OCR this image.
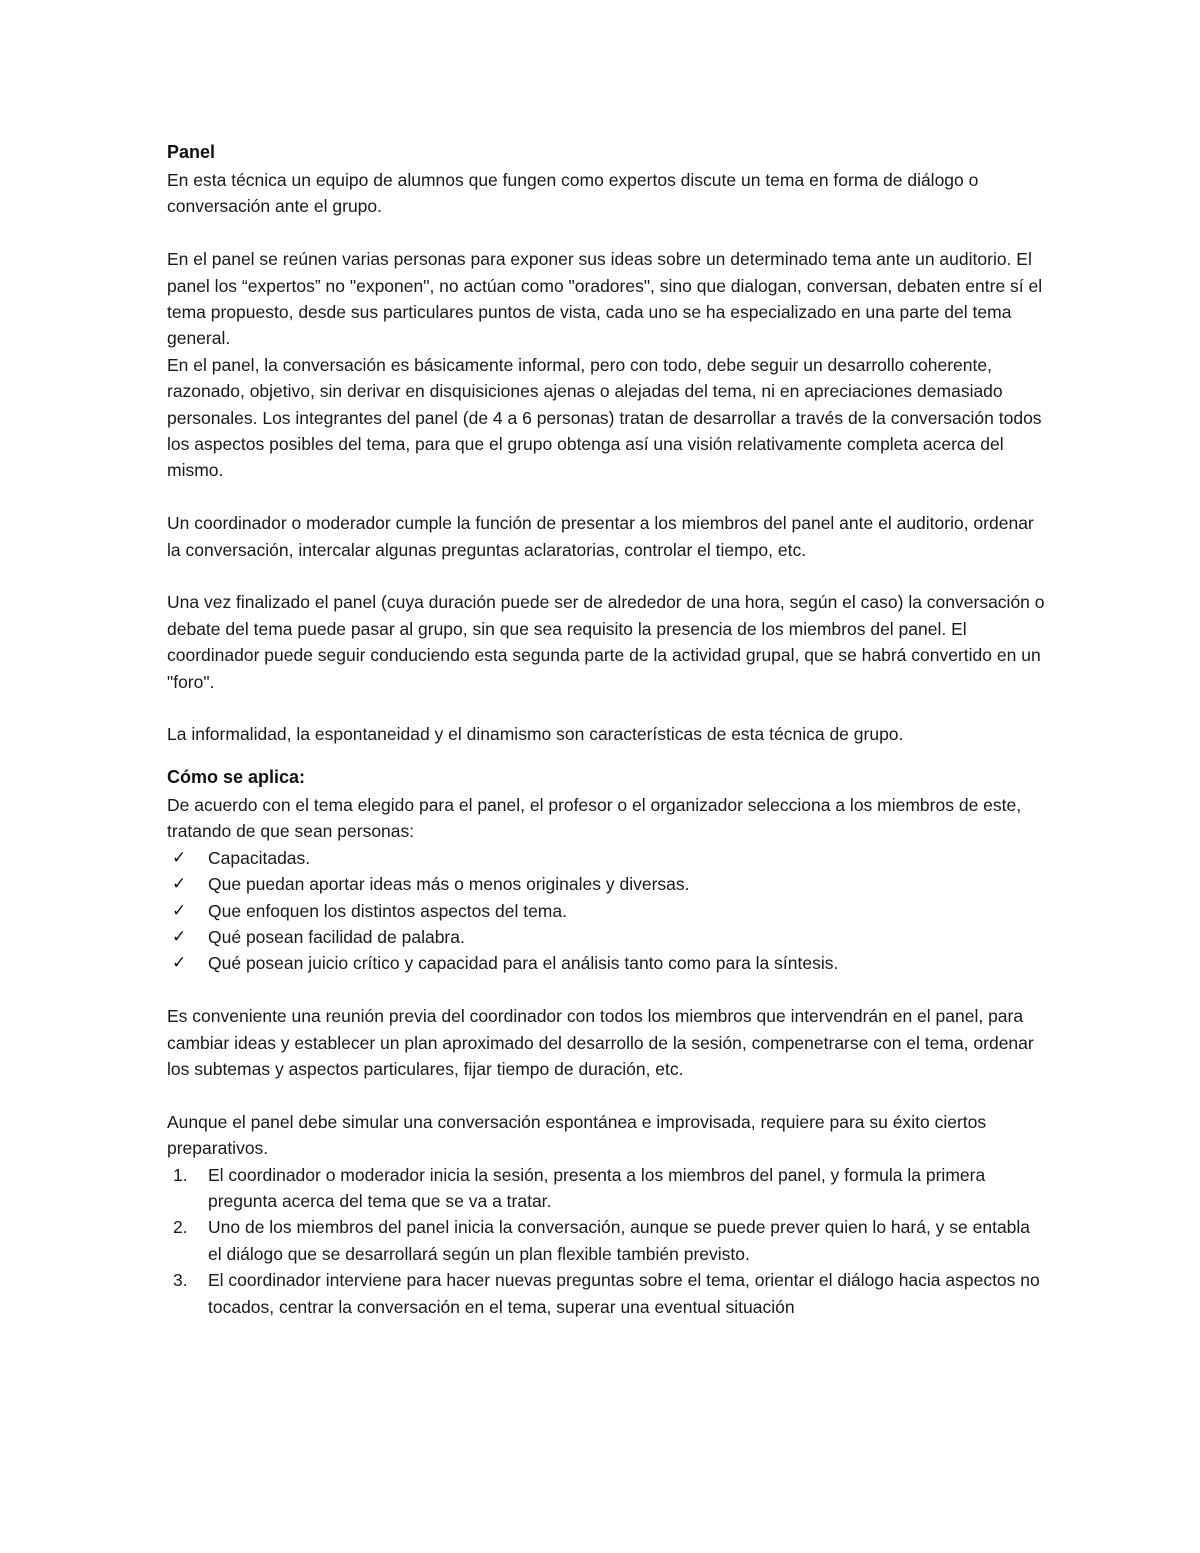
Panel

En esta técnica un equipo de alumnos que fungen como expertos discute un tema en forma de diálogo o conversación ante el grupo.

En el panel se reúnen varias personas para exponer sus ideas sobre un determinado tema ante un auditorio. El panel los “expertos” no "exponen", no actúan como "oradores", sino que dialogan, conversan, debaten entre sí el tema propuesto, desde sus particulares puntos de vista, cada uno se ha especializado en una parte del tema general.

En el panel, la conversación es básicamente informal, pero con todo, debe seguir un desarrollo coherente, razonado, objetivo, sin derivar en disquisiciones ajenas o alejadas del tema, ni en apreciaciones demasiado personales. Los integrantes del panel (de 4 a 6 personas) tratan de desarrollar a través de la conversación todos los aspectos posibles del tema, para que el grupo obtenga así una visión relativamente completa acerca del mismo.

Un coordinador o moderador cumple la función de presentar a los miembros del panel ante el auditorio, ordenar la conversación, intercalar algunas preguntas aclaratorias, controlar el tiempo, etc.

Una vez finalizado el panel (cuya duración puede ser de alrededor de una hora, según el caso) la conversación o debate del tema puede pasar al grupo, sin que sea requisito la presencia de los miembros del panel. El coordinador puede seguir conduciendo esta segunda parte de la actividad grupal, que se habrá convertido en un "foro".

La informalidad, la espontaneidad y el dinamismo son características de esta técnica de grupo.

Cómo se aplica:

De acuerdo con el tema elegido para el panel, el profesor o el organizador selecciona a los miembros de este, tratando de que sean personas:

✓ Capacitadas.
✓ Que puedan aportar ideas más o menos originales y diversas.
✓ Que enfoquen los distintos aspectos del tema.
✓ Qué posean facilidad de palabra.
✓ Qué posean juicio crítico y capacidad para el análisis tanto como para la síntesis.

Es conveniente una reunión previa del coordinador con todos los miembros que intervendrán en el panel, para cambiar ideas y establecer un plan aproximado del desarrollo de la sesión, compenetrarse con el tema, ordenar los subtemas y aspectos particulares, fijar tiempo de duración, etc.

Aunque el panel debe simular una conversación espontánea e improvisada, requiere para su éxito ciertos preparativos.

1. El coordinador o moderador inicia la sesión, presenta a los miembros del panel, y formula la primera pregunta acerca del tema que se va a tratar.
2. Uno de los miembros del panel inicia la conversación, aunque se puede prever quien lo hará, y se entabla el diálogo que se desarrollará según un plan flexible también previsto.
3. El coordinador interviene para hacer nuevas preguntas sobre el tema, orientar el diálogo hacia aspectos no tocados, centrar la conversación en el tema, superar una eventual situación
